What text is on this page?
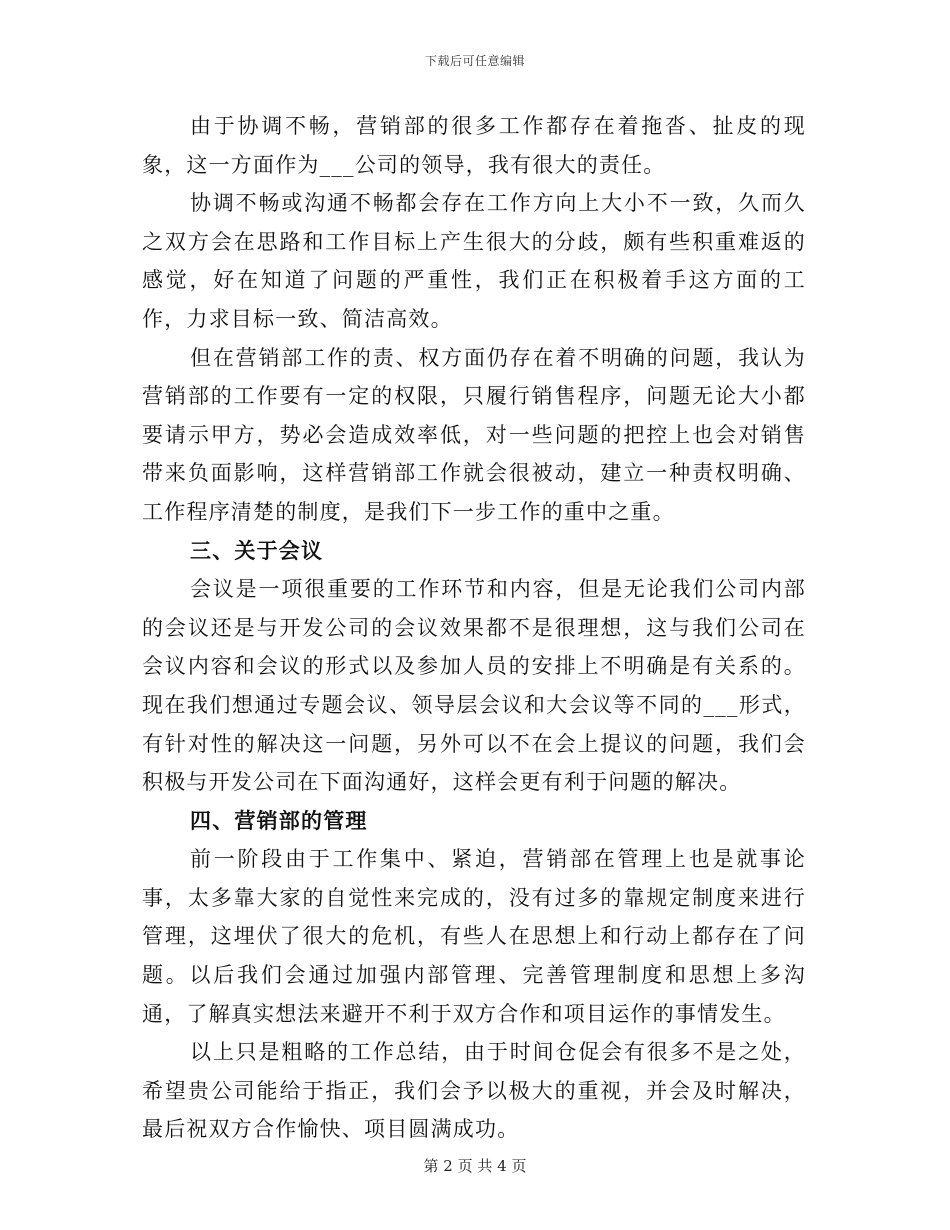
下载后可任意编辑

由于协调不畅，营销部的很多工作都存在着拖沓、扯皮的现象，这一方面作为___公司的领导，我有很大的责任。

协调不畅或沟通不畅都会存在工作方向上大小不一致，久而久之双方会在思路和工作目标上产生很大的分歧，颇有些积重难返的感觉，好在知道了问题的严重性，我们正在积极着手这方面的工作，力求目标一致、简洁高效。

但在营销部工作的责、权方面仍存在着不明确的问题，我认为营销部的工作要有一定的权限，只履行销售程序，问题无论大小都要请示甲方，势必会造成效率低，对一些问题的把控上也会对销售带来负面影响，这样营销部工作就会很被动，建立一种责权明确、工作程序清楚的制度，是我们下一步工作的重中之重。

三、关于会议

会议是一项很重要的工作环节和内容，但是无论我们公司内部的会议还是与开发公司的会议效果都不是很理想，这与我们公司在会议内容和会议的形式以及参加人员的安排上不明确是有关系的。现在我们想通过专题会议、领导层会议和大会议等不同的___形式，有针对性的解决这一问题，另外可以不在会上提议的问题，我们会积极与开发公司在下面沟通好，这样会更有利于问题的解决。

四、营销部的管理

前一阶段由于工作集中、紧迫，营销部在管理上也是就事论事，太多靠大家的自觉性来完成的，没有过多的靠规定制度来进行管理，这埋伏了很大的危机，有些人在思想上和行动上都存在了问题。以后我们会通过加强内部管理、完善管理制度和思想上多沟通，了解真实想法来避开不利于双方合作和项目运作的事情发生。

以上只是粗略的工作总结，由于时间仓促会有很多不是之处，希望贵公司能给于指正，我们会予以极大的重视，并会及时解决，最后祝双方合作愉快、项目圆满成功。

第 2 页 共 4 页
